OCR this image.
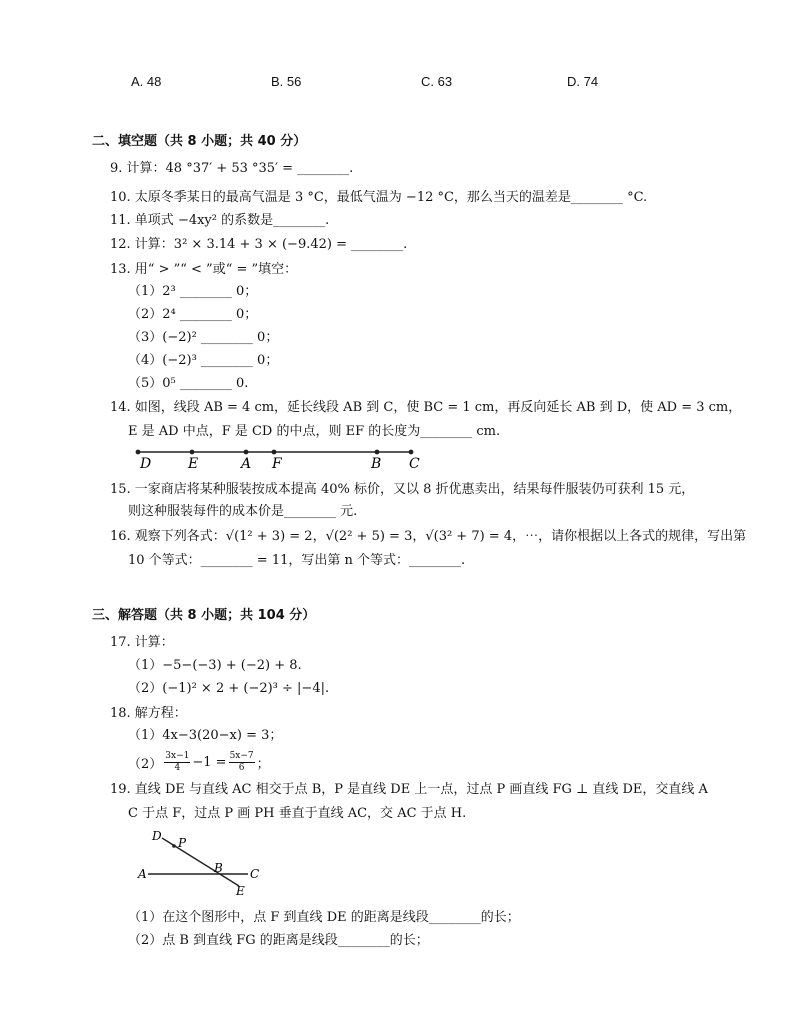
A. 48	B. 56	C. 63	D. 74
二、填空题（共 8 小题；共 40 分）
9. 计算：48 °37′ + 53 °35′ = ________.
10. 太原冬季某日的最高气温是 3 °C，最低气温为 −12 °C，那么当天的温差是________ °C.
11. 单项式 −4xy² 的系数是________.
12. 计算：3² × 3.14 + 3 × (−9.42) = ________.
13. 用“ > ”“ < ”或“ = ”填空：
（1）2³ ________ 0；
（2）2⁴ ________ 0；
（3）(−2)² ________ 0；
（4）(−2)³ ________ 0；
（5）0⁵ ________ 0.
14. 如图，线段 AB = 4 cm，延长线段 AB 到 C，使 BC = 1 cm，再反向延长 AB 到 D，使 AD = 3 cm，
E 是 AD 中点，F 是 CD 的中点，则 EF 的长度为________ cm.
D	E	A F	B C
15. 一家商店将某种服装按成本提高 40% 标价，又以 8 折优惠卖出，结果每件服装仍可获利 15 元，
则这种服装每件的成本价是________ 元.
16. 观察下列各式：√(1² + 3) = 2，√(2² + 5) = 3，√(3² + 7) = 4，⋯，请你根据以上各式的规律，写出第
10 个等式：________ = 11，写出第 n 个等式：________.
三、解答题（共 8 小题；共 104 分）
17. 计算：
（1）−5−(−3) + (−2) + 8.
（2）(−1)² × 2 + (−2)³ ÷ |−4|.
18. 解方程：
（1）4x−3(20−x) = 3；
$(2) \frac{3x-1}{4} -1 = \frac{5x-7}{6}$ ；
19. 直线 DE 与直线 AC 相交于点 B，P 是直线 DE 上一点，过点 P 画直线 FG ⊥ 直线 DE，交直线 A
C 于点 F，过点 P 画 PH 垂直于直线 AC，交 AC 于点 H.
D P
A	B C
E
（1）在这个图形中，点 F 到直线 DE 的距离是线段________的长；
（2）点 B 到直线 FG 的距离是线段________的长；
